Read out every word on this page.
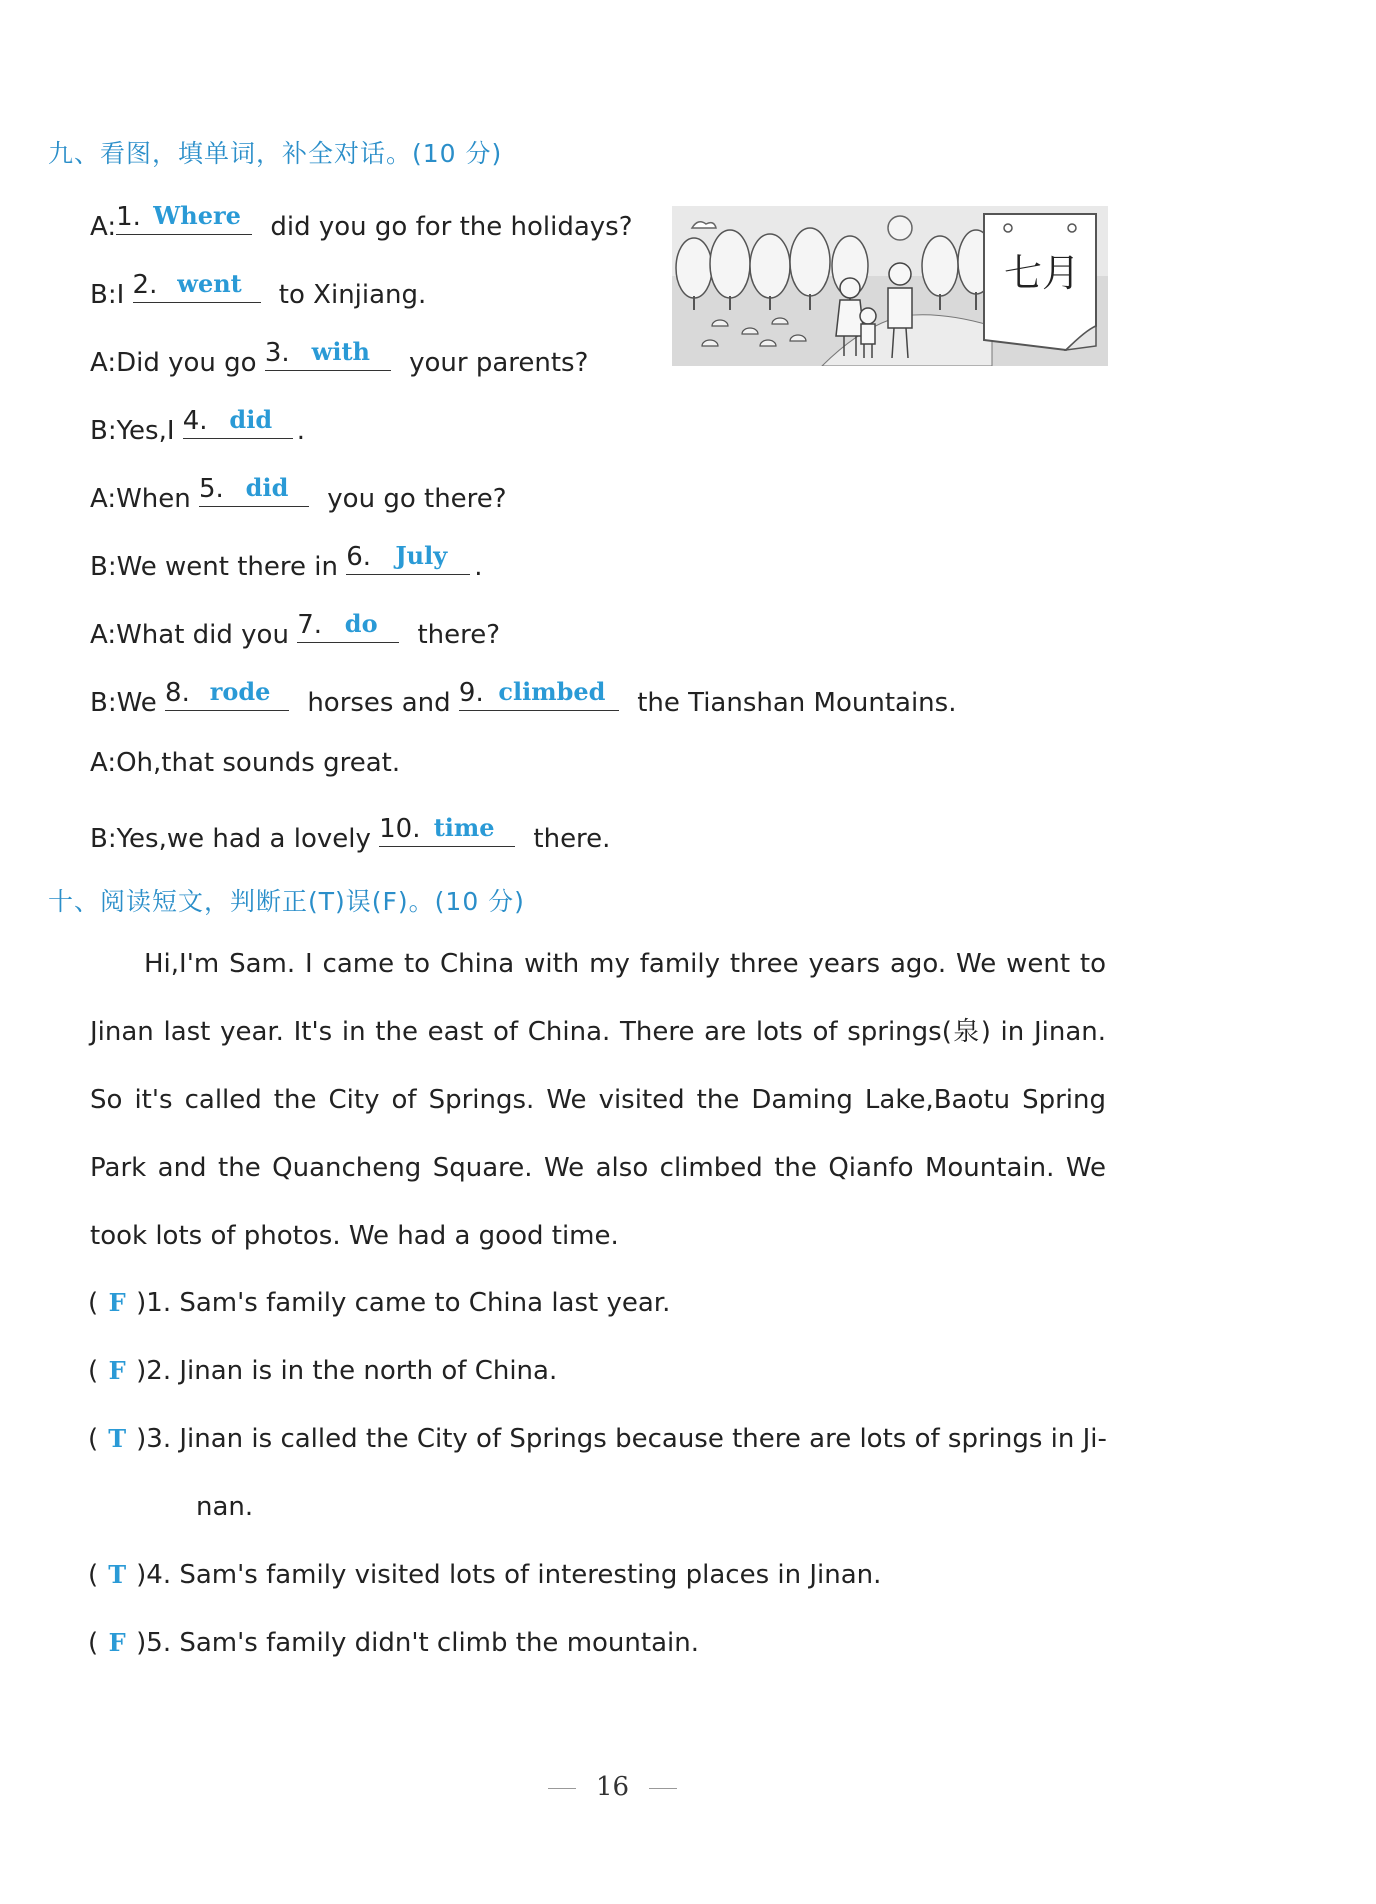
九、看图，填单词，补全对话。(10 分)
A: 1. Where	did you go for the holidays?
B:I 2. went	to Xinjiang.
A:Did you go 3. with	your parents?
B:Yes,I 4. did .
A:When 5. did	you go there?
B:We went there in 6.	July	.
A:What did you 7. do	there?
B:We 8. rode	horses and 9. climbed	the Tianshan Mountains.
A:Oh,that sounds great.
B:Yes,we had a lovely 10. time	there.
七月
十、阅读短文，判断正(T)误(F)。(10 分)
Hi,I'm Sam. I came to China with my family three years ago. We went to Jinan last year. It's in the east of China. There are lots of springs(泉) in Jinan. So it's called the City of Springs. We visited the Daming Lake,Baotu Spring Park and the Quancheng Square. We also climbed the Qianfo Mountain. We took lots of photos. We had a good time.
( F )1. Sam's family came to China last year.
( F )2. Jinan is in the north of China.
( T )3. Jinan is called the City of Springs because there are lots of springs in Ji-
nan.
( T )4. Sam's family visited lots of interesting places in Jinan.
( F )5. Sam's family didn't climb the mountain.
16
